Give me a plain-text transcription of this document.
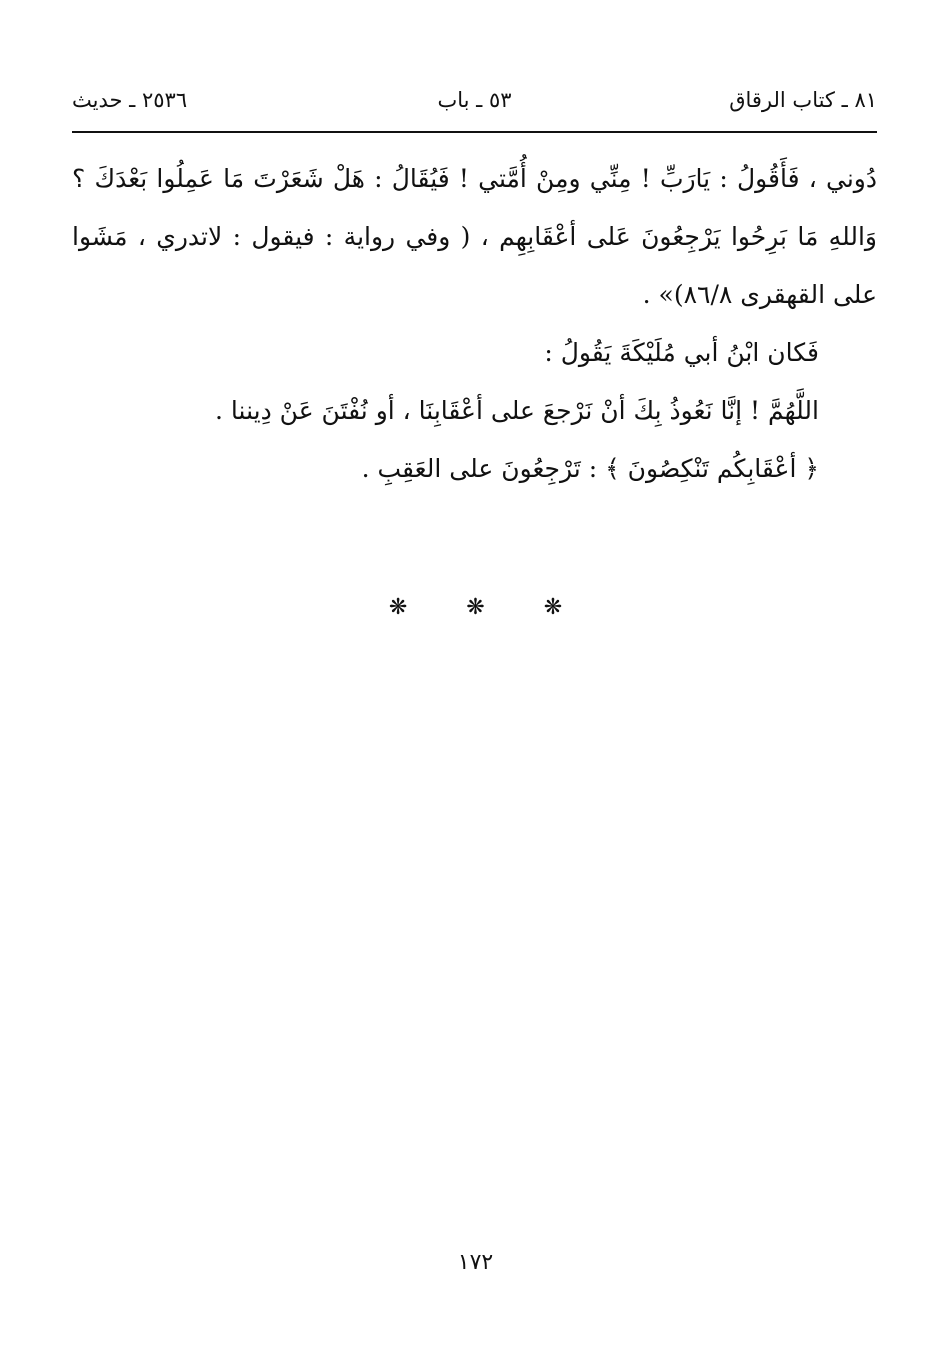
٨١ ـ كتاب الرقاق
٥٣ ـ باب
٢٥٣٦ ـ حديث

دُوني ، فَأَقُولُ : يَارَبِّ ! مِنِّي ومِنْ أُمَّتي ! فَيُقَالُ : هَلْ شَعَرْتَ مَا عَمِلُوا بَعْدَكَ ؟ وَاللهِ مَا بَرِحُوا يَرْجِعُونَ عَلى أعْقَابِهِم ، ( وفي رواية : فيقول : لاتدري ، مَشَوا على القهقرى ٨٦/٨)» .

فَكان ابْنُ أبي مُلَيْكَةَ يَقُولُ :

اللَّهُمَّ ! إنَّا نَعُوذُ بِكَ أنْ نَرْجعَ على أعْقَابِنَا ، أو نُفْتَنَ عَنْ دِيننا .

﴿ أعْقَابِكُم تَنْكِصُونَ ﴾ : تَرْجِعُونَ على العَقِبِ .

❋	❋	❋
١٧٢
